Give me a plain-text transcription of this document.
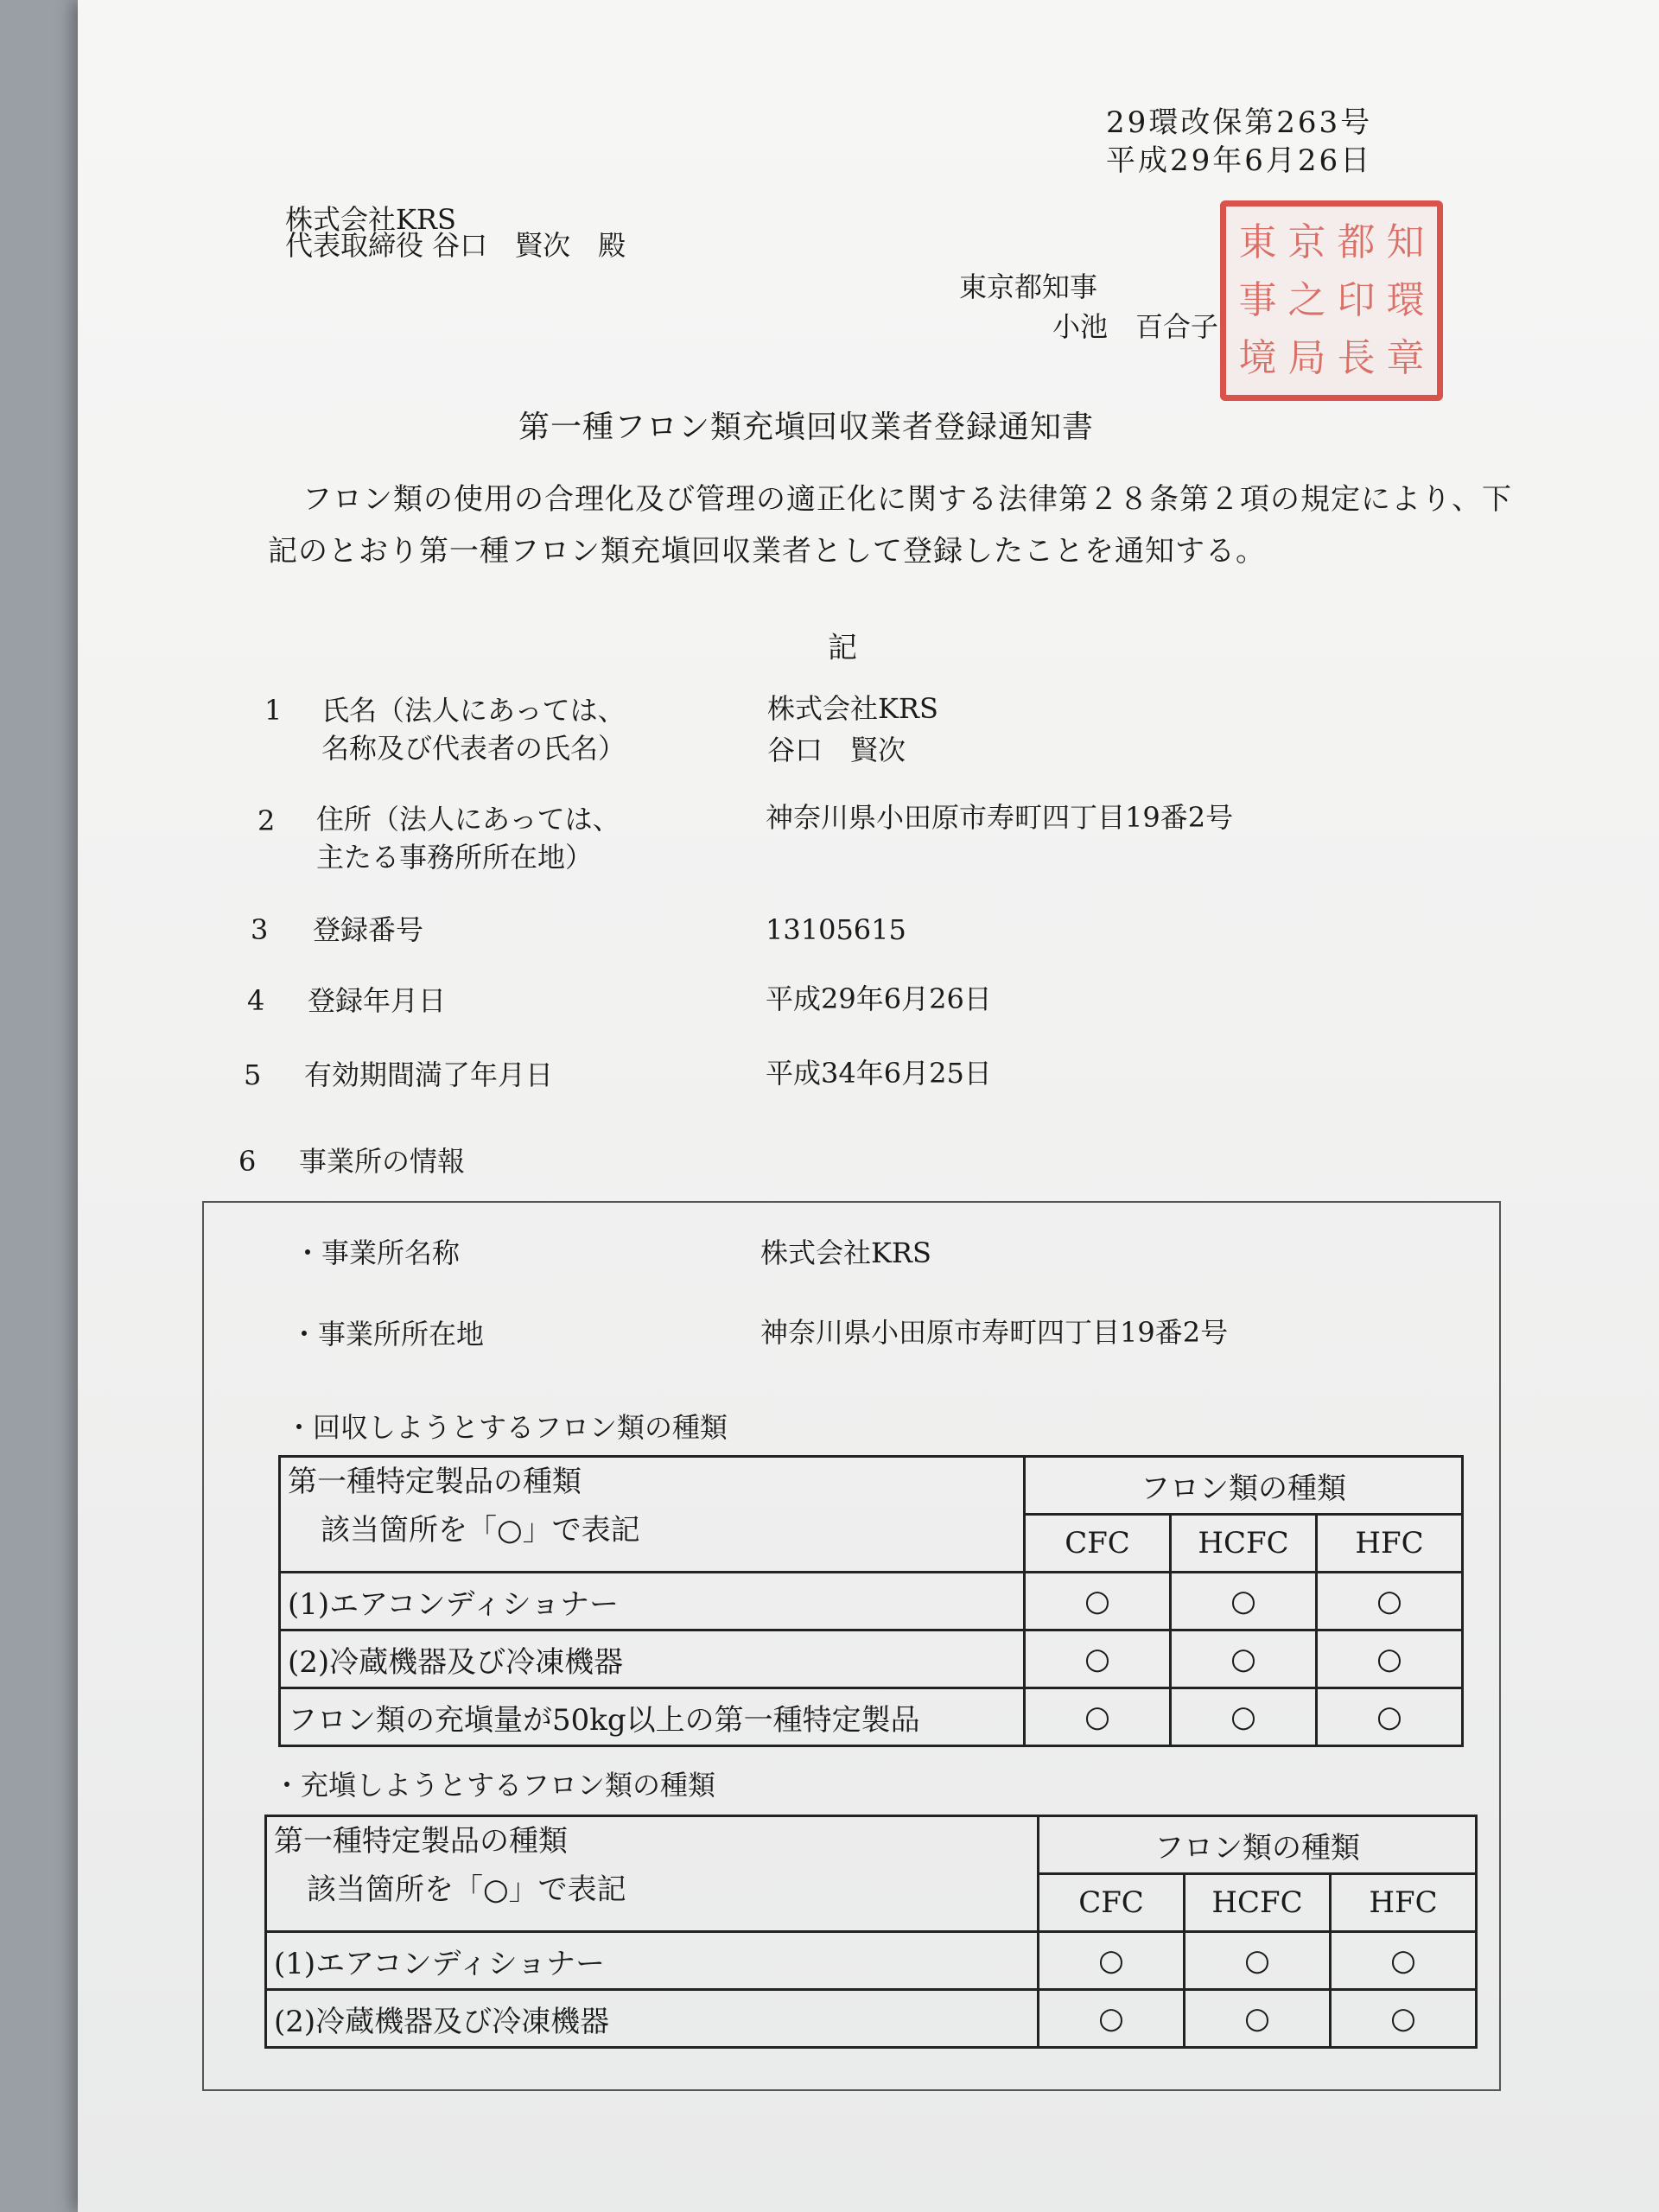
29環改保第263号
平成29年6月26日
株式会社KRS
代表取締役 谷口　賢次　殿
東京都知事
小池　百合子
東 京 都 知
事 之 印 環
境 局 長 章
第一種フロン類充塡回収業者登録通知書
フロン類の使用の合理化及び管理の適正化に関する法律第２８条第２項の規定により、下記のとおり第一種フロン類充塡回収業者として登録したことを通知する。
記
1 氏名（法人にあっては、
名称及び代表者の氏名）
株式会社KRS
谷口　賢次
2 住所（法人にあっては、
主たる事務所所在地）
神奈川県小田原市寿町四丁目19番2号
3 登録番号	13105615
4 登録年月日	平成29年6月26日
5 有効期間満了年月日	平成34年6月25日
6 事業所の情報
・事業所名称	株式会社KRS
・事業所所在地	神奈川県小田原市寿町四丁目19番2号
・回収しようとするフロン類の種類
第一種特定製品の種類
該当箇所を「○」で表記	フロン類の種類		
	CFC	HCFC	HFC
(1)エアコンディショナー	○	○	○
(2)冷蔵機器及び冷凍機器	○	○	○
フロン類の充塡量が50kg以上の第一種特定製品	○	○	○
・充塡しようとするフロン類の種類
第一種特定製品の種類
該当箇所を「○」で表記	フロン類の種類		
	CFC	HCFC	HFC
(1)エアコンディショナー	○	○	○
(2)冷蔵機器及び冷凍機器	○	○	○
